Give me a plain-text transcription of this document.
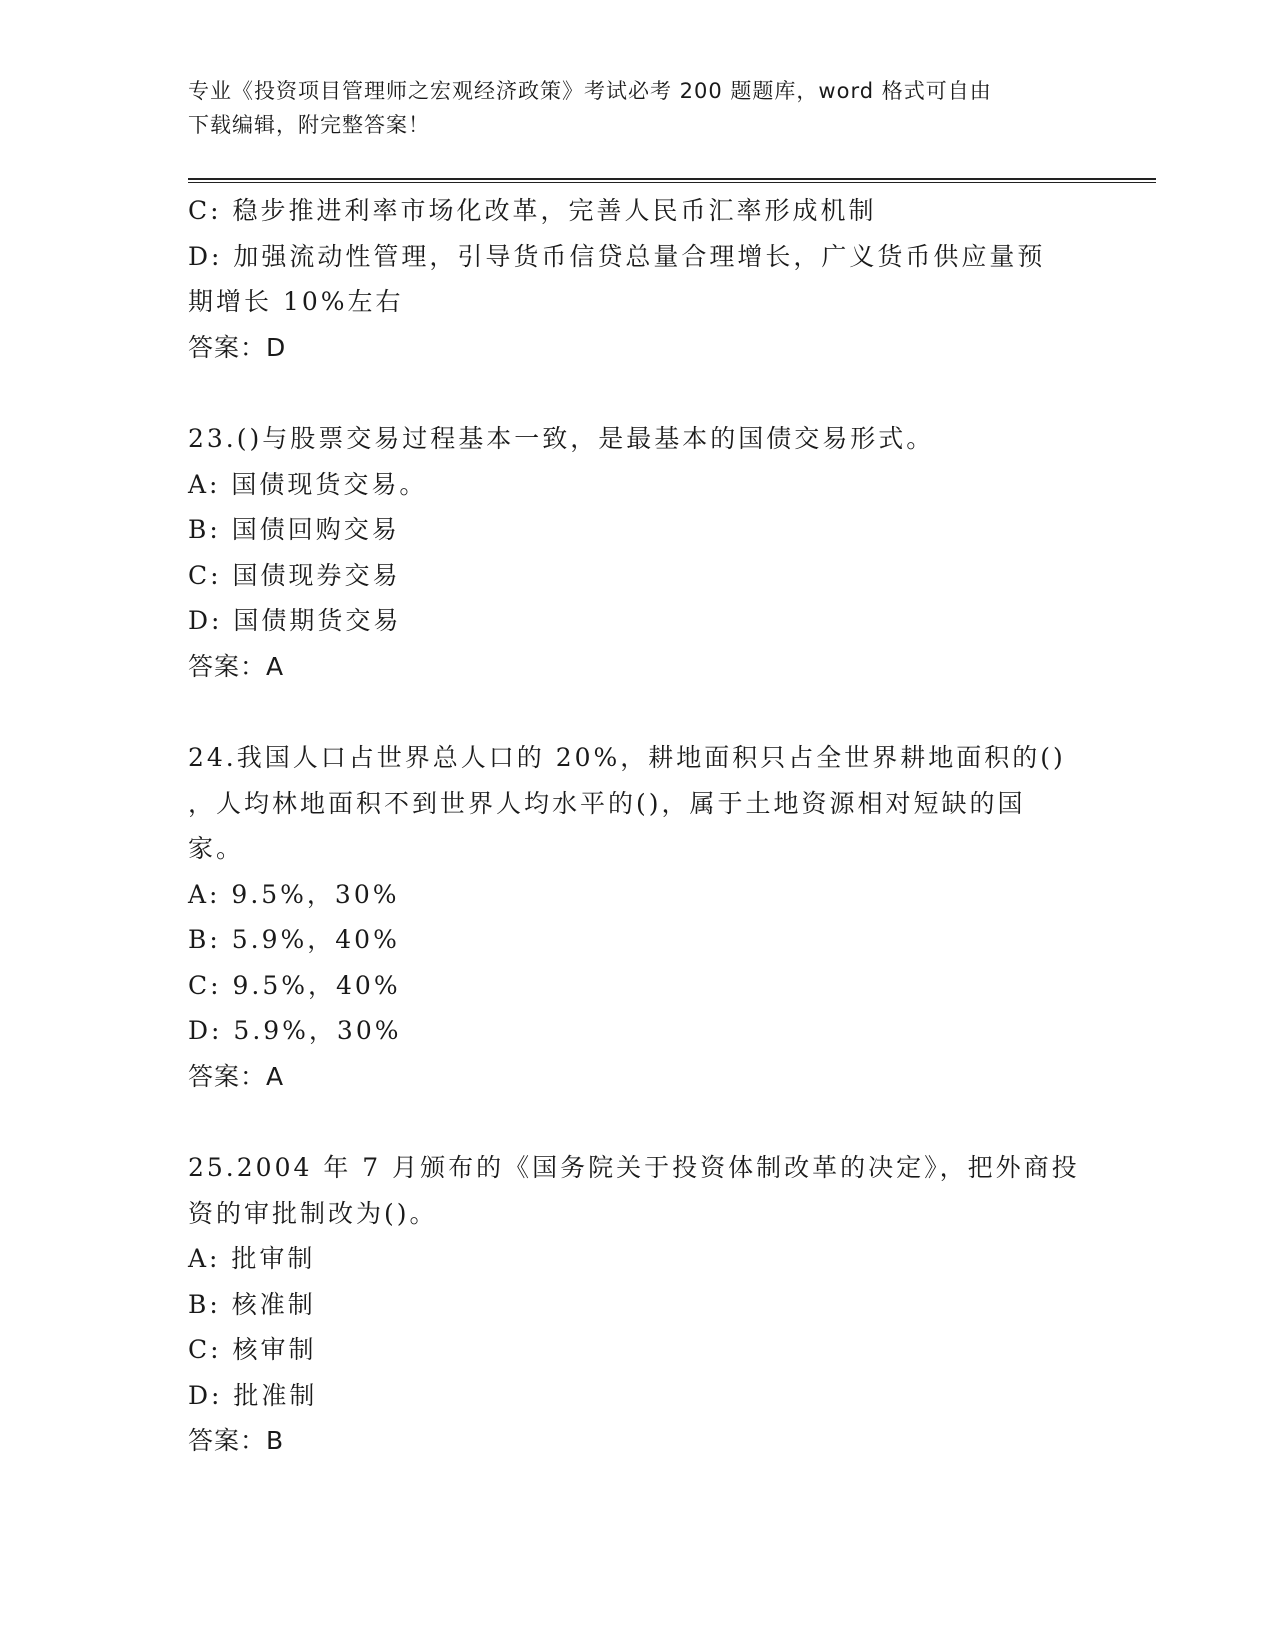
专业《投资项目管理师之宏观经济政策》考试必考 200 题题库，word 格式可自由
下载编辑，附完整答案！
C: 稳步推进利率市场化改革，完善人民币汇率形成机制
D: 加强流动性管理，引导货币信贷总量合理增长，广义货币供应量预
期增长 10%左右
答案：D
23.()与股票交易过程基本一致，是最基本的国债交易形式。
A: 国债现货交易。
B: 国债回购交易
C: 国债现券交易
D: 国债期货交易
答案：A
24.我国人口占世界总人口的 20%，耕地面积只占全世界耕地面积的()
，人均林地面积不到世界人均水平的()，属于土地资源相对短缺的国
家。
A: 9.5%，30%
B: 5.9%，40%
C: 9.5%，40%
D: 5.9%，30%
答案：A
25.2004 年 7 月颁布的《国务院关于投资体制改革的决定》，把外商投
资的审批制改为()。
A: 批审制
B: 核准制
C: 核审制
D: 批准制
答案：B
